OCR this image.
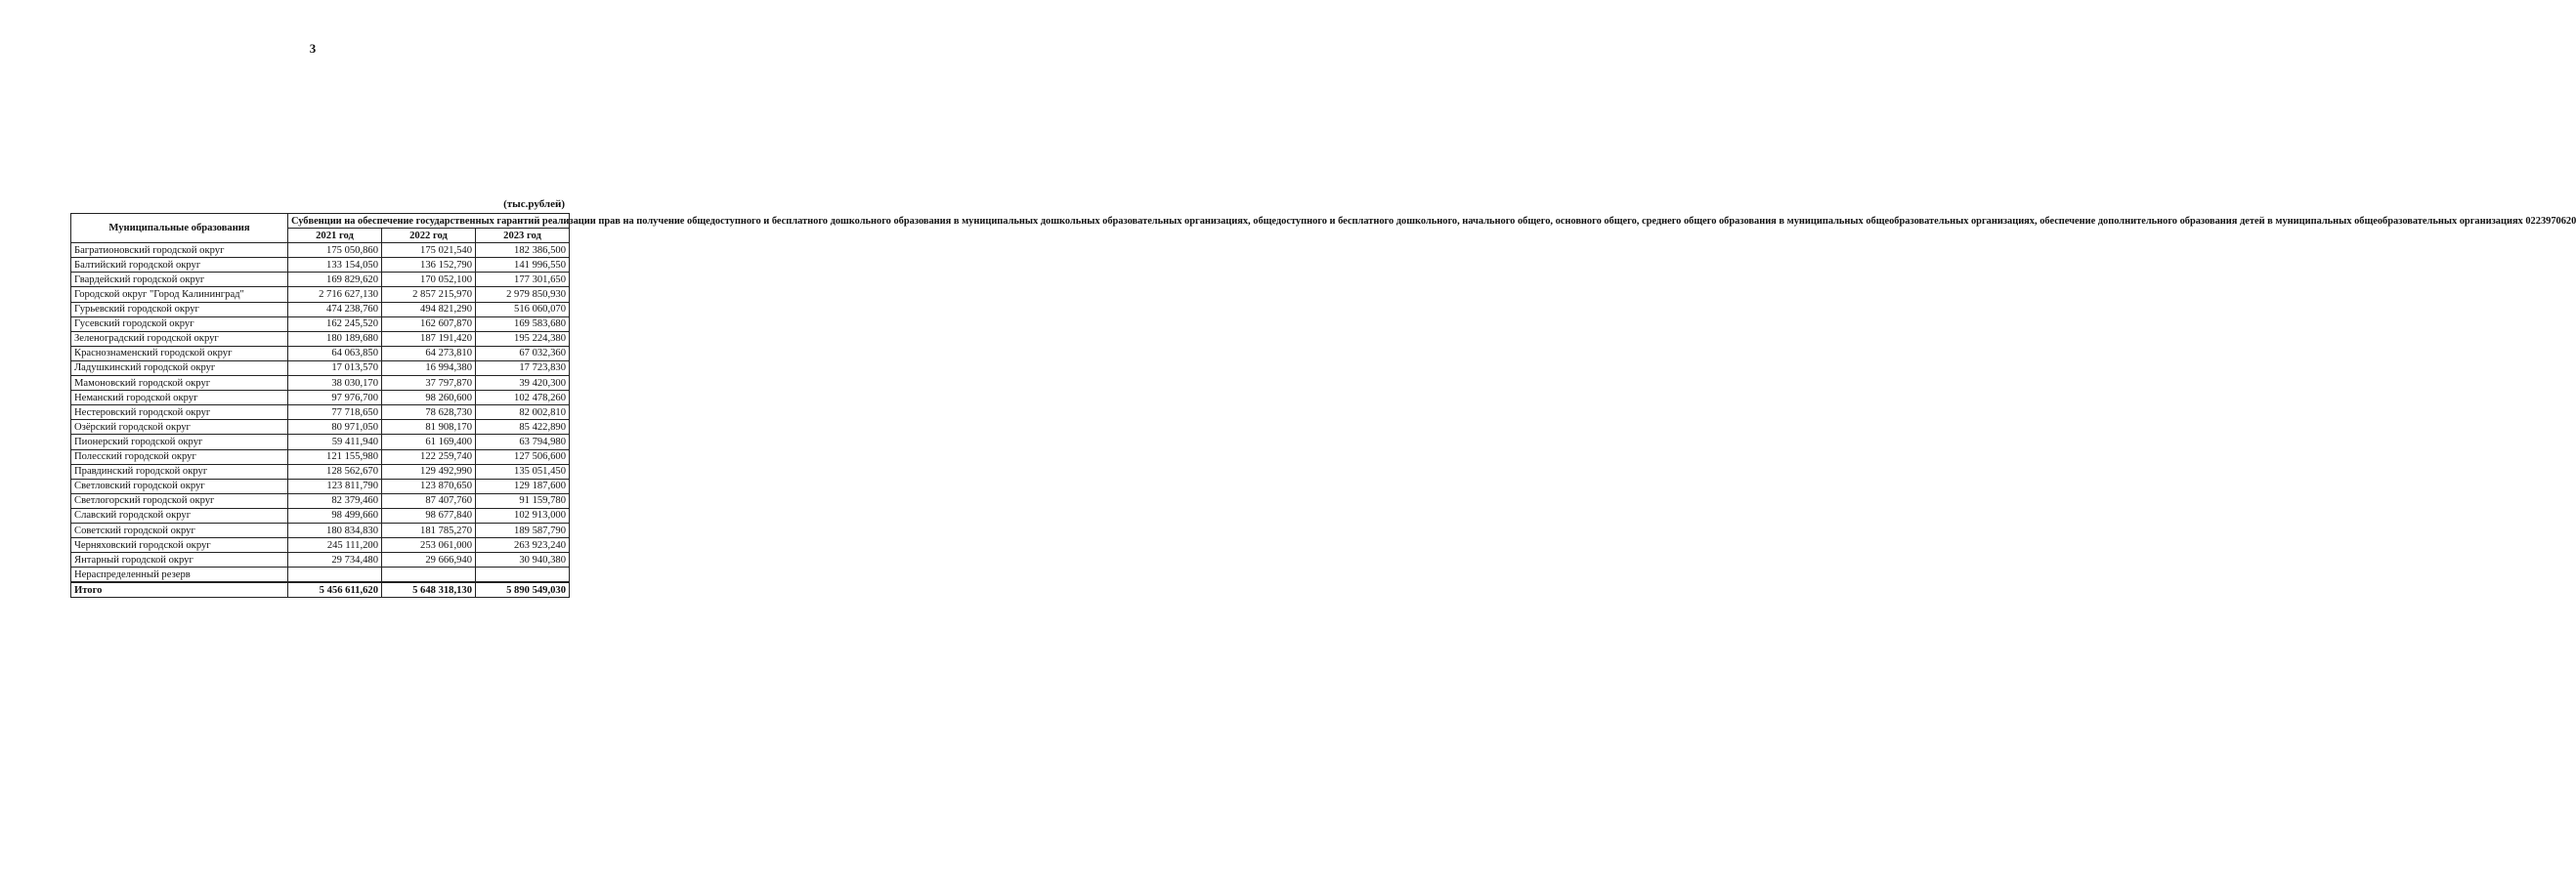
3
(тыс.рублей)
Муниципальные образования	Субвенции на обеспечение государственных гарантий реализации прав на получение общедоступного и бесплатного дошкольного образования в муниципальных дошкольных образовательных организациях, общедоступного и бесплатного дошкольного, начального общего, основного общего, среднего общего образования в муниципальных общеобразовательных организациях, обеспечение дополнительного образования детей в муниципальных общеобразовательных организациях 0223970620		
	2021 год	2022 год	2023 год
Багратионовский городской округ	175 050,860	175 021,540	182 386,500
Балтийский городской округ	133 154,050	136 152,790	141 996,550
Гвардейский городской округ	169 829,620	170 052,100	177 301,650
Городской округ "Город Калининград"	2 716 627,130	2 857 215,970	2 979 850,930
Гурьевский городской округ	474 238,760	494 821,290	516 060,070
Гусевский городской округ	162 245,520	162 607,870	169 583,680
Зеленоградский городской округ	180 189,680	187 191,420	195 224,380
Краснознаменский городской округ	64 063,850	64 273,810	67 032,360
Ладушкинский городской округ	17 013,570	16 994,380	17 723,830
Мамоновский городской округ	38 030,170	37 797,870	39 420,300
Неманский городской округ	97 976,700	98 260,600	102 478,260
Нестеровский городской округ	77 718,650	78 628,730	82 002,810
Озёрский городской округ	80 971,050	81 908,170	85 422,890
Пионерский городской округ	59 411,940	61 169,400	63 794,980
Полесский городской округ	121 155,980	122 259,740	127 506,600
Правдинский городской округ	128 562,670	129 492,990	135 051,450
Светловский городской округ	123 811,790	123 870,650	129 187,600
Светлогорский городской округ	82 379,460	87 407,760	91 159,780
Славский городской округ	98 499,660	98 677,840	102 913,000
Советский городской округ	180 834,830	181 785,270	189 587,790
Черняховский городской округ	245 111,200	253 061,000	263 923,240
Янтарный городской округ	29 734,480	29 666,940	30 940,380
Нераспределенный резерв			
Итого	5 456 611,620	5 648 318,130	5 890 549,030
